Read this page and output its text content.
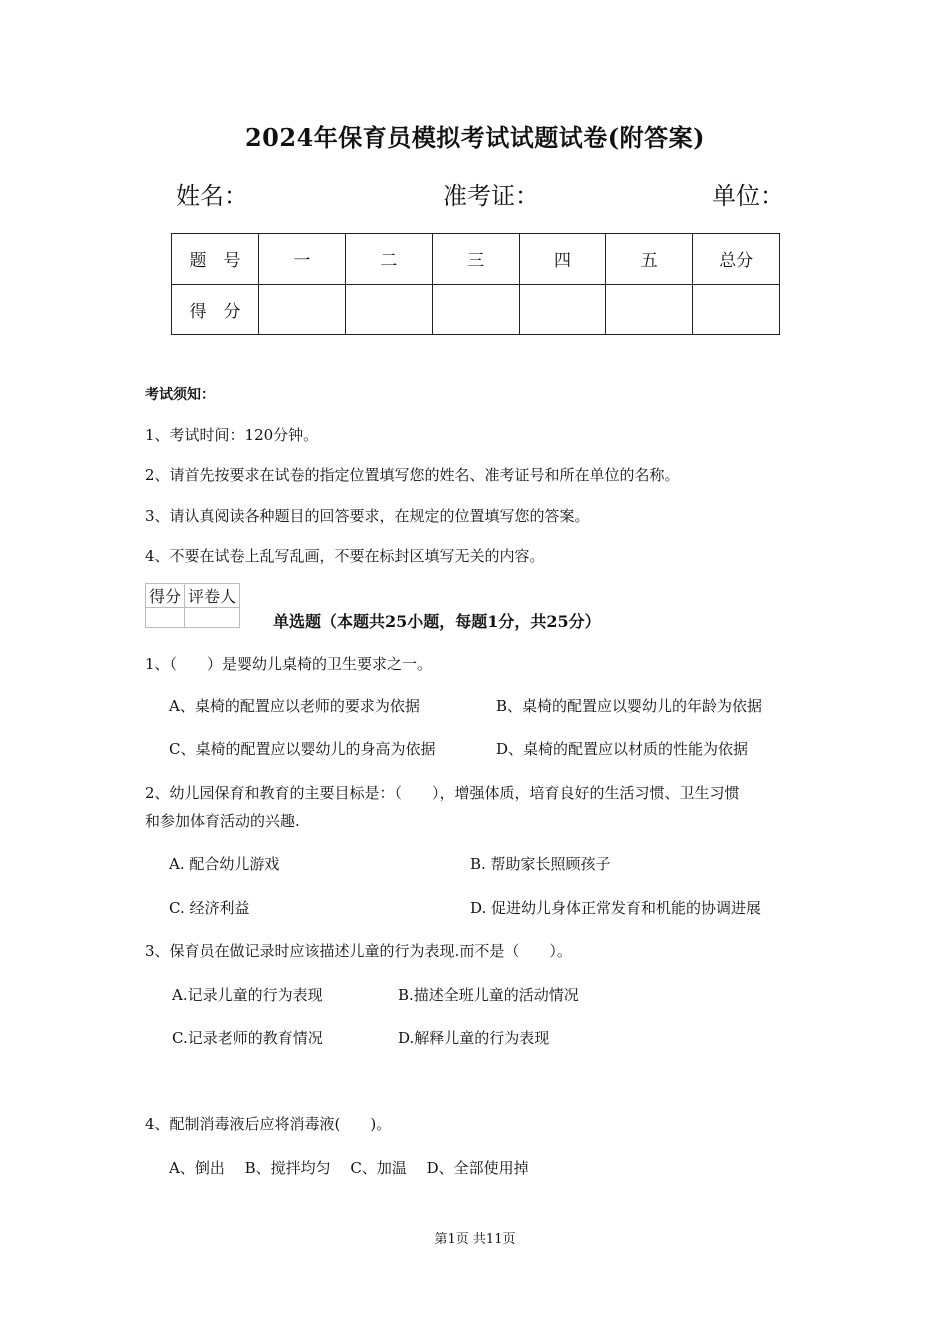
2024年保育员模拟考试试题试卷(附答案)
姓名：	准考证：	单位：
题　号	一	二	三	四	五	总分
得　分						
考试须知：
1、考试时间：120分钟。
2、请首先按要求在试卷的指定位置填写您的姓名、准考证号和所在单位的名称。
3、请认真阅读各种题目的回答要求，在规定的位置填写您的答案。
4、不要在试卷上乱写乱画，不要在标封区填写无关的内容。
得分	评卷人

单选题（本题共25小题，每题1分，共25分）
1、（　　）是婴幼儿桌椅的卫生要求之一。
A、桌椅的配置应以老师的要求为依据	B、桌椅的配置应以婴幼儿的年龄为依据
C、桌椅的配置应以婴幼儿的身高为依据	D、桌椅的配置应以材质的性能为依据
2、幼儿园保育和教育的主要目标是：（　　），增强体质，培育良好的生活习惯、卫生习惯
和参加体育活动的兴趣.
A. 配合幼儿游戏	B. 帮助家长照顾孩子
C. 经济利益	D. 促进幼儿身体正常发育和机能的协调进展
3、保育员在做记录时应该描述儿童的行为表现.而不是（　　）。
A.记录儿童的行为表现	B.描述全班儿童的活动情况
C.记录老师的教育情况	D.解释儿童的行为表现
4、配制消毒液后应将消毒液(　　)。
A、倒出　 B、搅拌均匀　 C、加温　 D、全部使用掉
第1页 共11页
